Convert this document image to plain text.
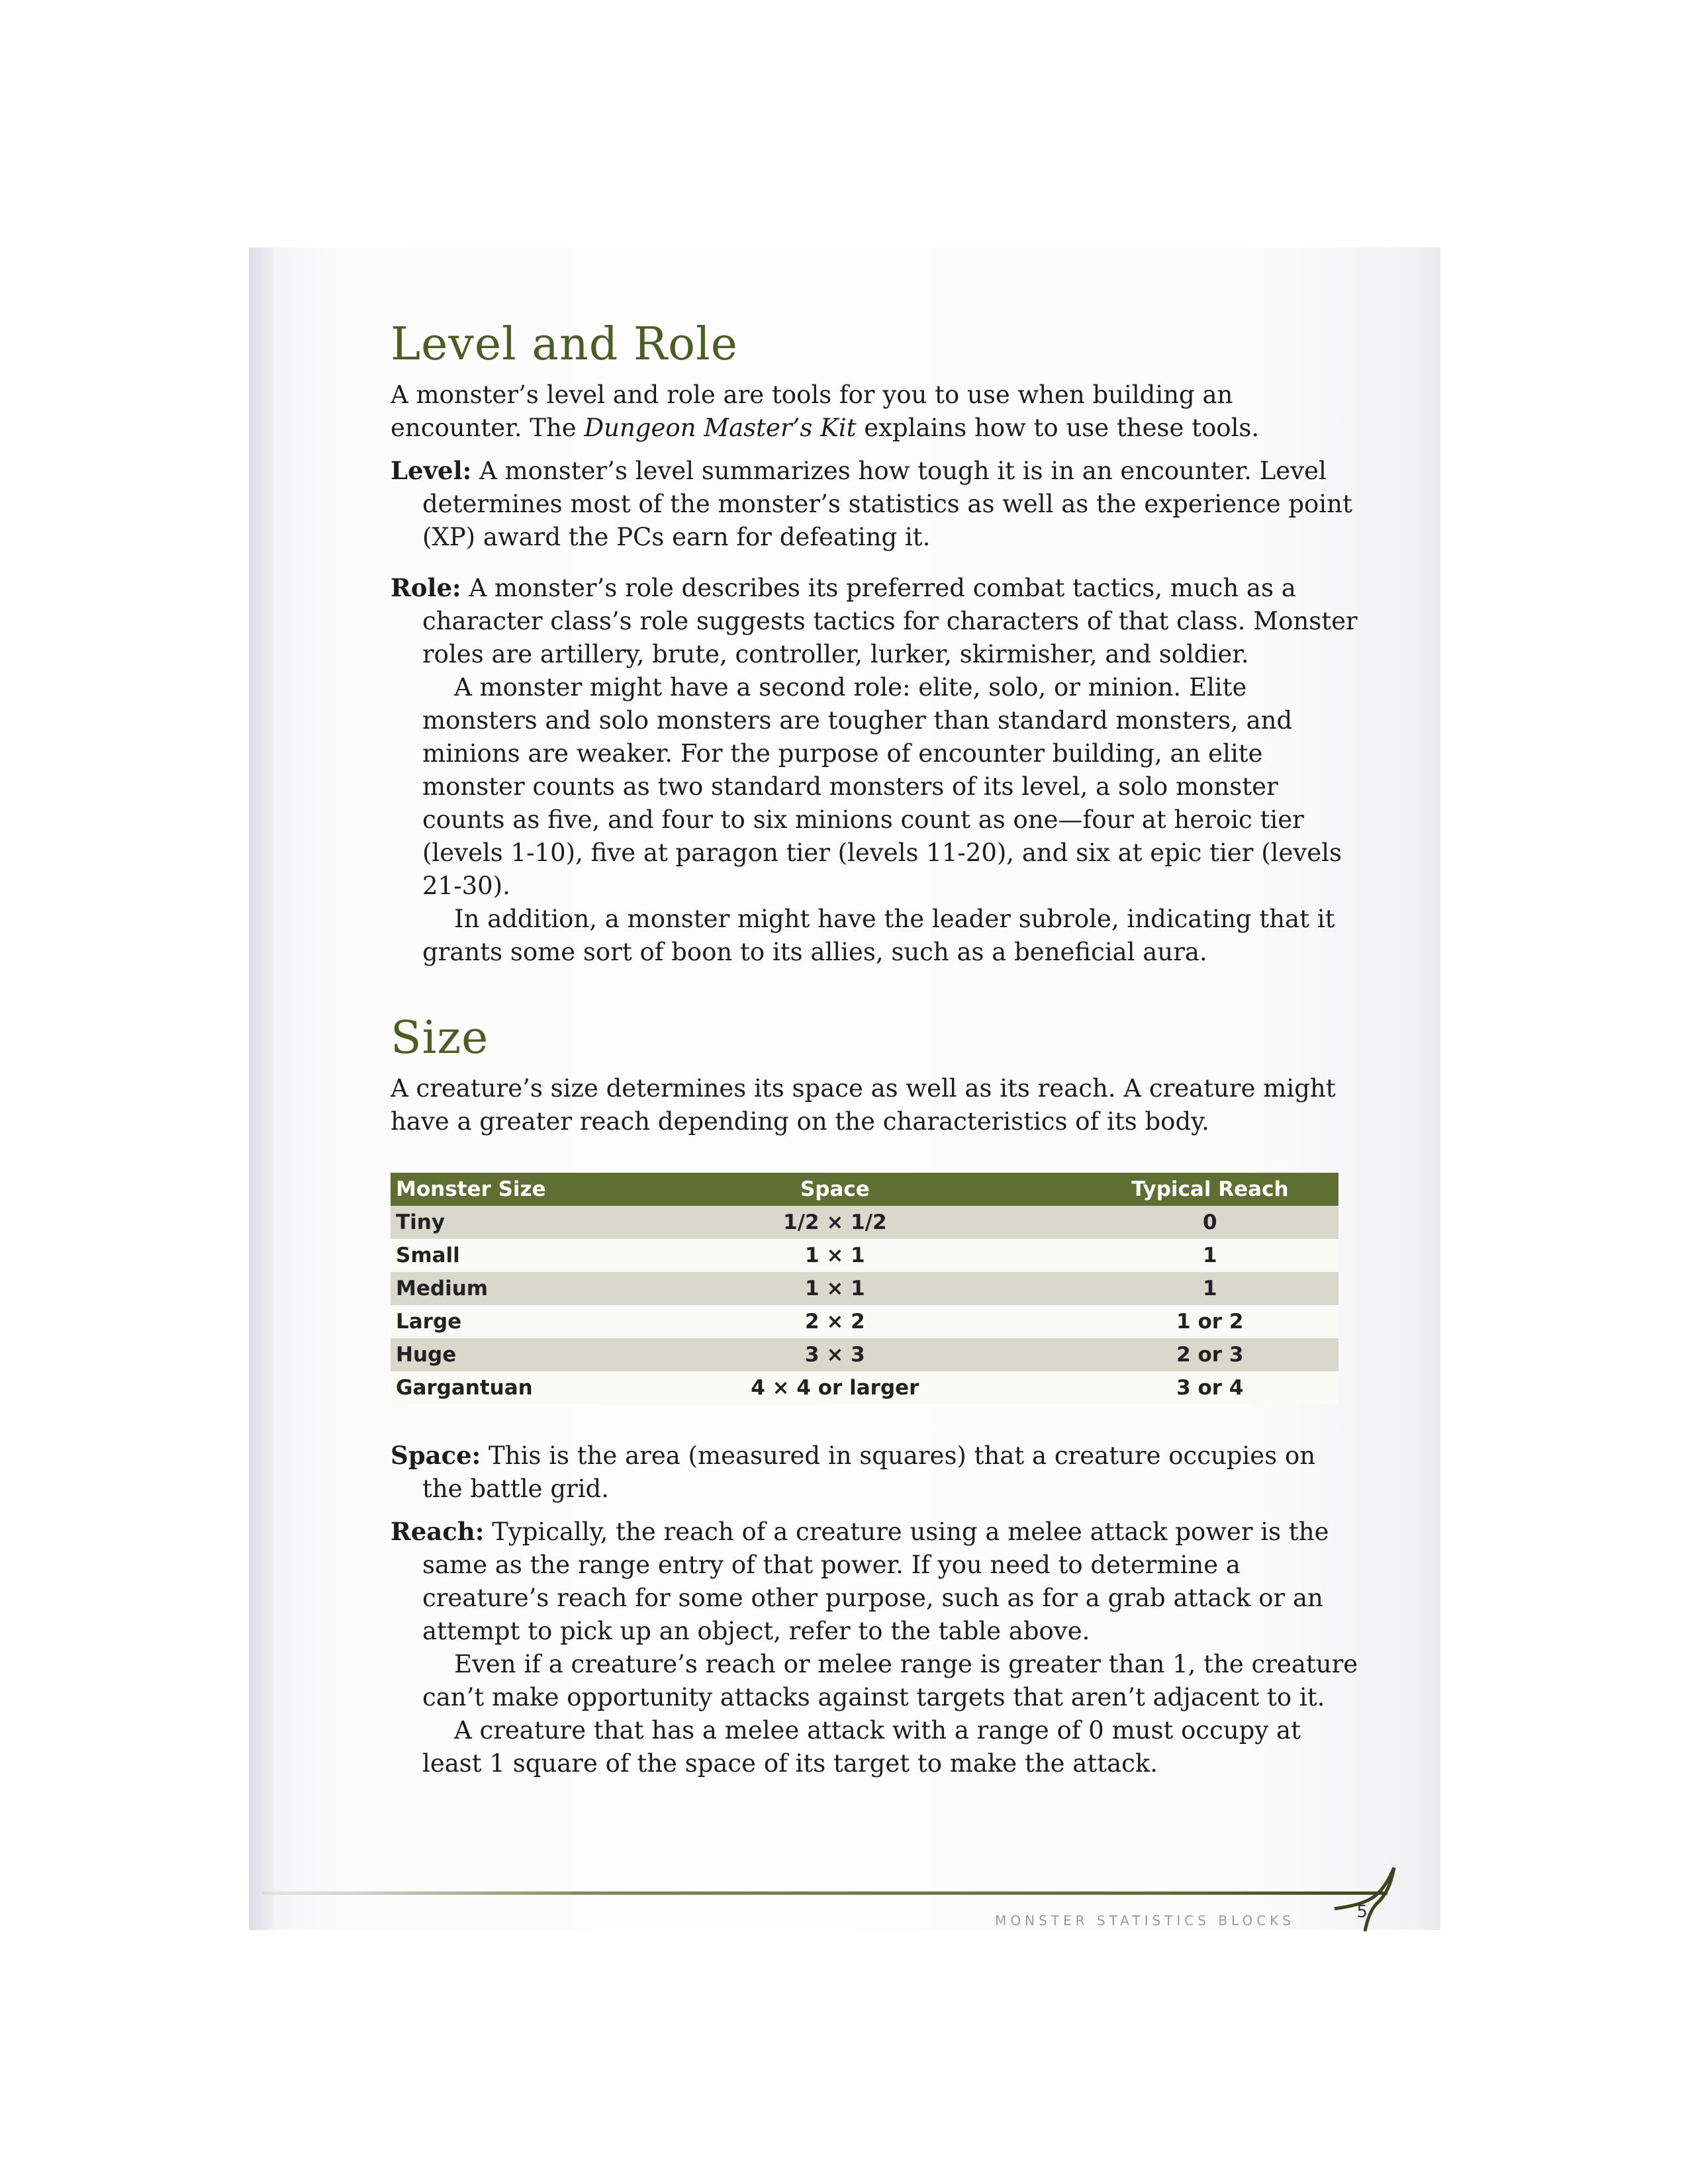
Level and Role

A monster’s level and role are tools for you to use when building an encounter. The Dungeon Master’s Kit explains how to use these tools.

Level: A monster’s level summarizes how tough it is in an encounter. Level determines most of the monster’s statistics as well as the experience point (XP) award the PCs earn for defeating it.

Role: A monster’s role describes its preferred combat tactics, much as a character class’s role suggests tactics for characters of that class. Monster roles are artillery, brute, controller, lurker, skirmisher, and soldier.

A monster might have a second role: elite, solo, or minion. Elite monsters and solo monsters are tougher than standard monsters, and minions are weaker. For the purpose of encounter building, an elite monster counts as two standard monsters of its level, a solo monster counts as five, and four to six minions count as one—four at heroic tier (levels 1-10), five at paragon tier (levels 11-20), and six at epic tier (levels 21-30).

In addition, a monster might have the leader subrole, indicating that it grants some sort of boon to its allies, such as a beneficial aura.

Size

A creature’s size determines its space as well as its reach. A creature might have a greater reach depending on the characteristics of its body.

Monster Size	Space	Typical Reach
Tiny	1/2 × 1/2	0
Small	1 × 1	1
Medium	1 × 1	1
Large	2 × 2	1 or 2
Huge	3 × 3	2 or 3
Gargantuan	4 × 4 or larger	3 or 4

Space: This is the area (measured in squares) that a creature occupies on the battle grid.

Reach: Typically, the reach of a creature using a melee attack power is the same as the range entry of that power. If you need to determine a creature’s reach for some other purpose, such as for a grab attack or an attempt to pick up an object, refer to the table above.

Even if a creature’s reach or melee range is greater than 1, the creature can’t make opportunity attacks against targets that aren’t adjacent to it.

A creature that has a melee attack with a range of 0 must occupy at least 1 square of the space of its target to make the attack.

MONSTER STATISTICS BLOCKS	5
